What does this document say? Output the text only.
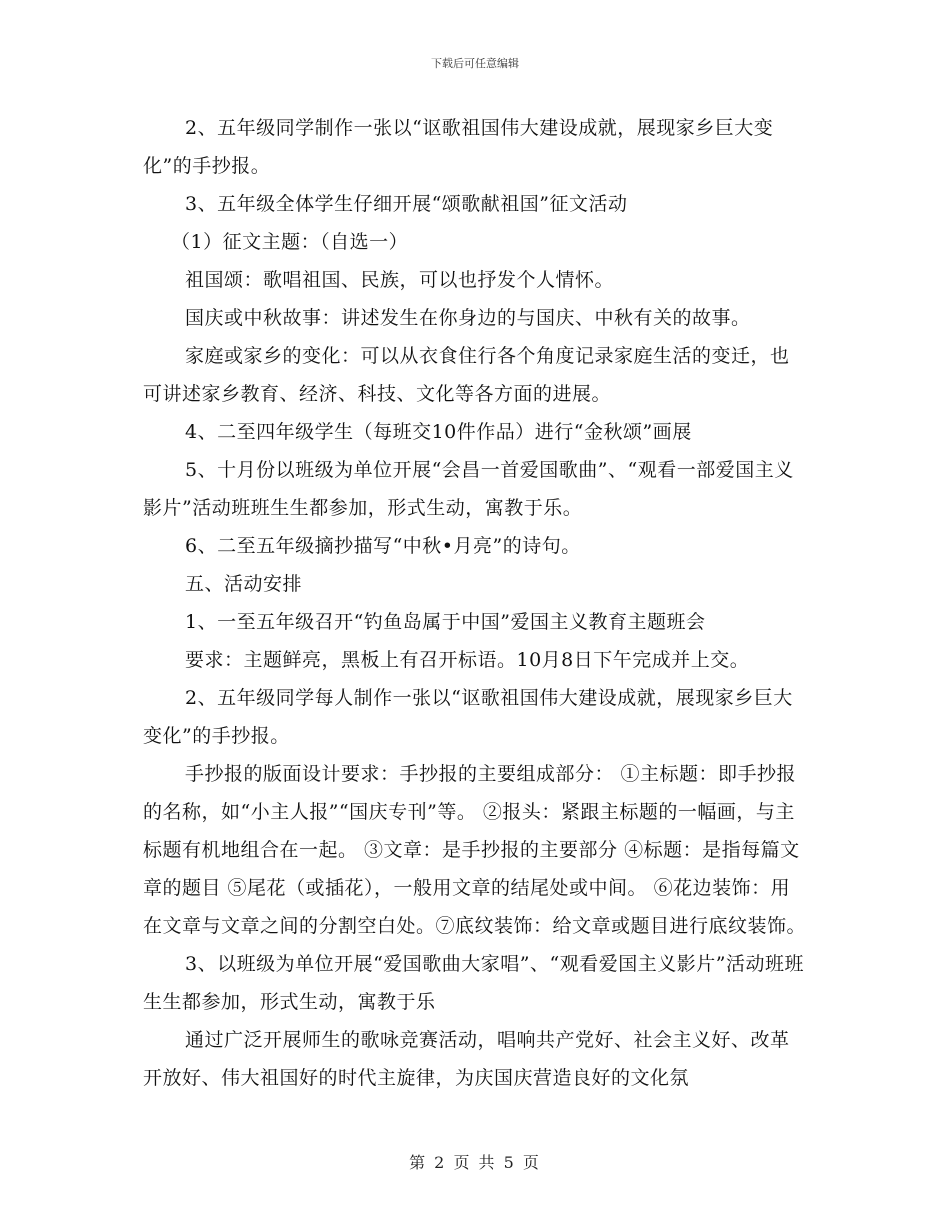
下载后可任意编辑

2、五年级同学制作一张以“讴歌祖国伟大建设成就，展现家乡巨大变化”的手抄报。

3、五年级全体学生仔细开展“颂歌献祖国”征文活动

（1）征文主题：（自选一）

祖国颂：歌唱祖国、民族，可以也抒发个人情怀。

国庆或中秋故事：讲述发生在你身边的与国庆、中秋有关的故事。

家庭或家乡的变化：可以从衣食住行各个角度记录家庭生活的变迁，也可讲述家乡教育、经济、科技、文化等各方面的进展。

4、二至四年级学生（每班交10件作品）进行“金秋颂”画展

5、十月份以班级为单位开展“会昌一首爱国歌曲”、“观看一部爱国主义影片”活动班班生生都参加，形式生动，寓教于乐。

6、二至五年级摘抄描写“中秋•月亮”的诗句。

五、活动安排

1、一至五年级召开“钓鱼岛属于中国”爱国主义教育主题班会

要求：主题鲜亮，黑板上有召开标语。10月8日下午完成并上交。

2、五年级同学每人制作一张以“讴歌祖国伟大建设成就，展现家乡巨大变化”的手抄报。

手抄报的版面设计要求：手抄报的主要组成部分： ①主标题：即手抄报的名称，如“小主人报”“国庆专刊”等。 ②报头：紧跟主标题的一幅画，与主标题有机地组合在一起。 ③文章：是手抄报的主要部分 ④标题：是指每篇文章的题目 ⑤尾花（或插花），一般用文章的结尾处或中间。 ⑥花边装饰：用在文章与文章之间的分割空白处。⑦底纹装饰：给文章或题目进行底纹装饰。

3、以班级为单位开展“爱国歌曲大家唱”、“观看爱国主义影片”活动班班生生都参加，形式生动，寓教于乐

通过广泛开展师生的歌咏竞赛活动，唱响共产党好、社会主义好、改革开放好、伟大祖国好的时代主旋律，为庆国庆营造良好的文化氛

第 2 页 共 5 页
